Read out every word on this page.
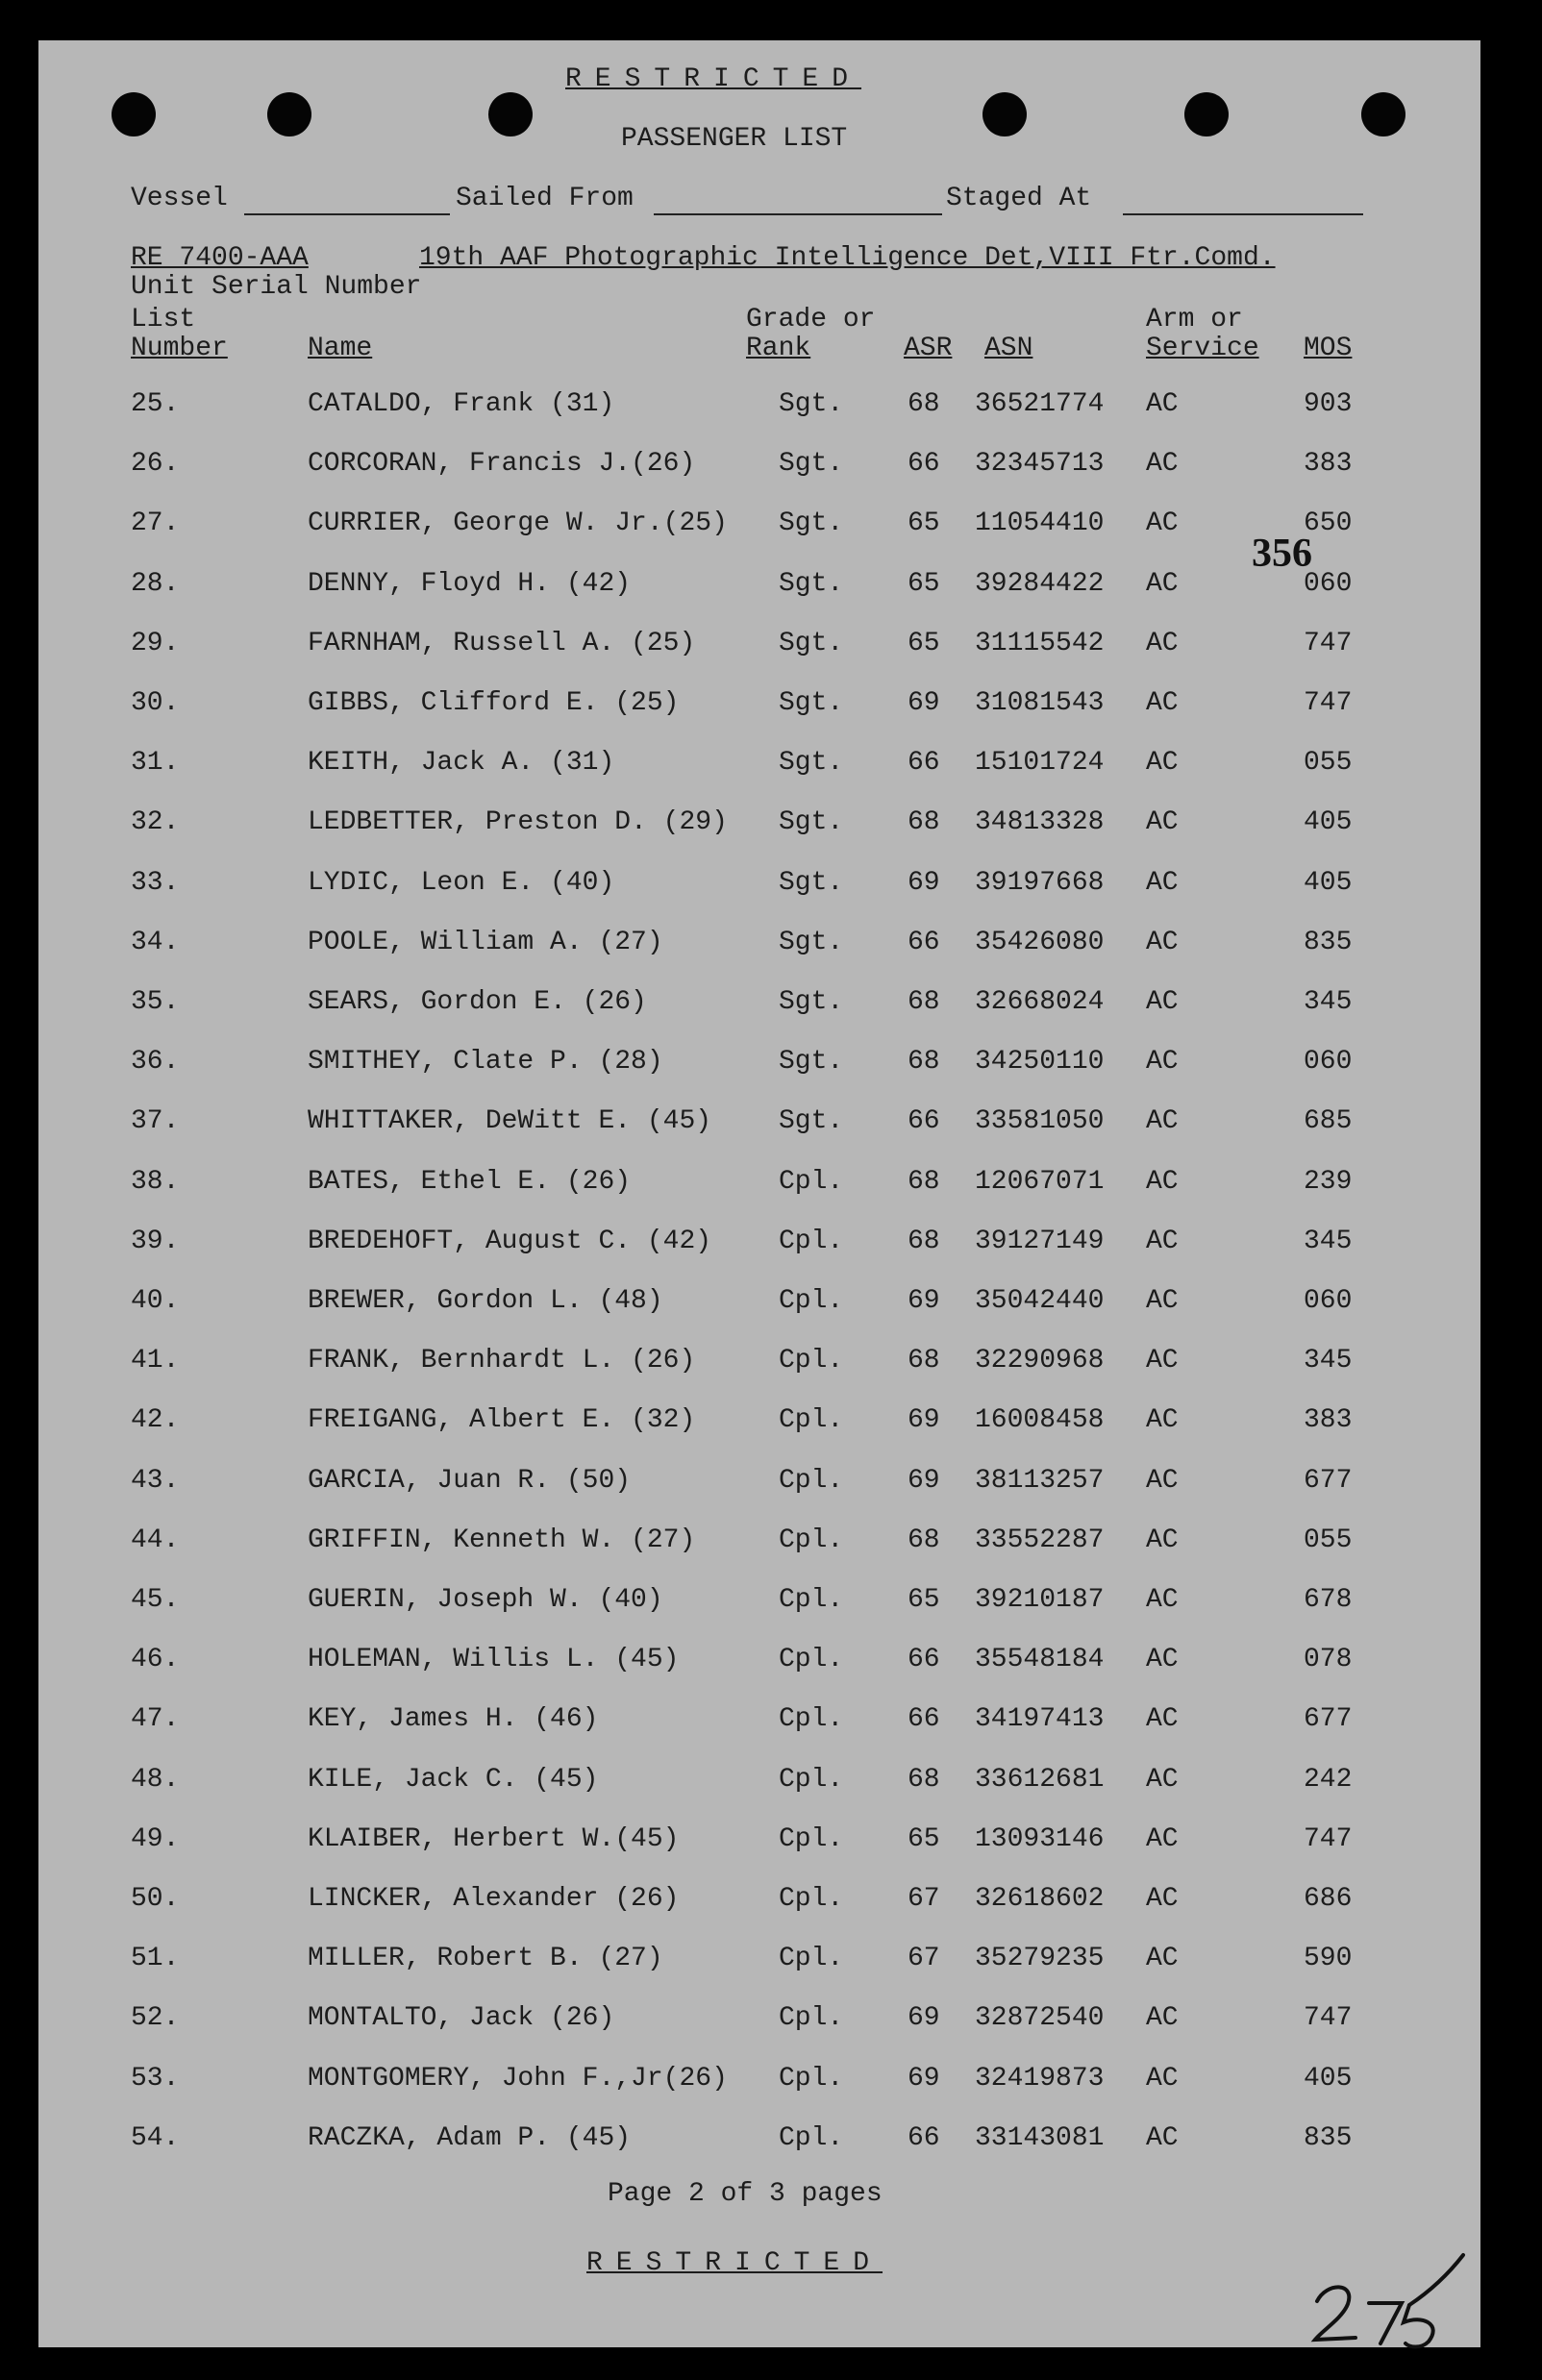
RESTRICTED
PASSENGER LIST
Vessel	Sailed From	Staged At
RE 7400-AAA	19th AAF Photographic Intelligence Det,VIII Ftr.Comd.
Unit Serial Number
List
Number	Name
Grade or
Rank	ASR ASN
Arm or
Service MOS
25.	CATALDO, Frank (31)	Sgt. 68 36521774 AC	903
26.	CORCORAN, Francis J.(26)	Sgt. 66 32345713 AC	383
27.	CURRIER, George W. Jr.(25) Sgt. 65 11054410 AC	650
28.	DENNY, Floyd H. (42)	Sgt. 65 39284422 AC	060
29.	FARNHAM, Russell A. (25)	Sgt. 65 31115542 AC	747
30.	GIBBS, Clifford E. (25)	Sgt. 69 31081543 AC	747
31.	KEITH, Jack A. (31)	Sgt. 66 15101724 AC	055
32.	LEDBETTER, Preston D. (29) Sgt. 68 34813328 AC	405
33.	LYDIC, Leon E. (40)	Sgt. 69 39197668 AC	405
34.	POOLE, William A. (27)	Sgt. 66 35426080 AC	835
35.	SEARS, Gordon E. (26)	Sgt. 68 32668024 AC	345
36.	SMITHEY, Clate P. (28)	Sgt. 68 34250110 AC	060
37.	WHITTAKER, DeWitt E. (45) Sgt. 66 33581050 AC	685
38.	BATES, Ethel E. (26)	Cpl. 68 12067071 AC	239
39.	BREDEHOFT, August C. (42) Cpl. 68 39127149 AC	345
40.	BREWER, Gordon L. (48)	Cpl. 69 35042440 AC	060
41.	FRANK, Bernhardt L. (26)	Cpl. 68 32290968 AC	345
42.	FREIGANG, Albert E. (32)	Cpl. 69 16008458 AC	383
43.	GARCIA, Juan R. (50)	Cpl. 69 38113257 AC	677
44.	GRIFFIN, Kenneth W. (27)	Cpl. 68 33552287 AC	055
45.	GUERIN, Joseph W. (40)	Cpl. 65 39210187 AC	678
46.	HOLEMAN, Willis L. (45)	Cpl. 66 35548184 AC	078
47.	KEY, James H. (46)	Cpl. 66 34197413 AC	677
48.	KILE, Jack C. (45)	Cpl. 68 33612681 AC	242
49.	KLAIBER, Herbert W.(45)	Cpl. 65 13093146 AC	747
50.	LINCKER, Alexander (26)	Cpl. 67 32618602 AC	686
51.	MILLER, Robert B. (27)	Cpl. 67 35279235 AC	590
52.	MONTALTO, Jack (26)	Cpl. 69 32872540 AC	747
53.	MONTGOMERY, John F.,Jr(26) Cpl. 69 32419873 AC	405
54.	RACZKA, Adam P. (45)	Cpl. 66 33143081 AC	835
356
Page 2 of 3 pages
RESTRICTED
